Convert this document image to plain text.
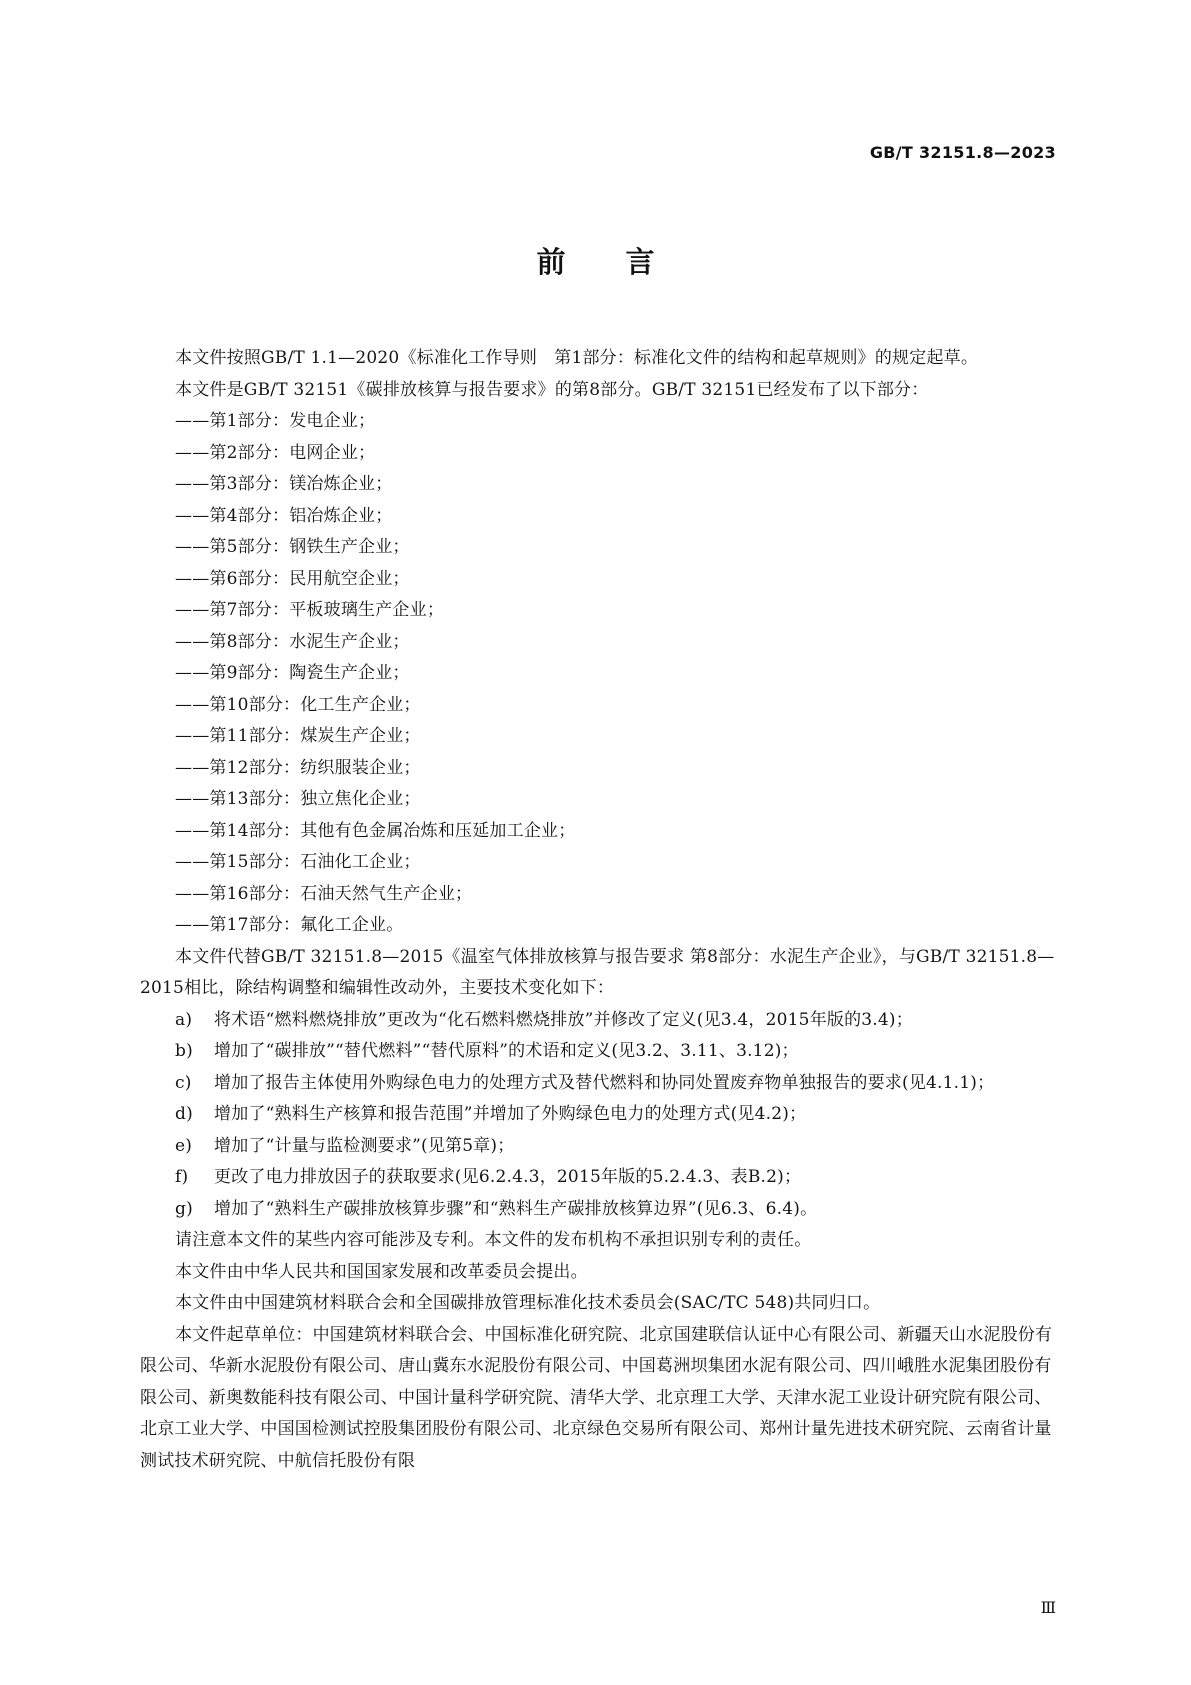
GB/T 32151.8—2023
前 言

本文件按照GB/T 1.1—2020《标准化工作导则　第1部分：标准化文件的结构和起草规则》的规定起草。

本文件是GB/T 32151《碳排放核算与报告要求》的第8部分。GB/T 32151已经发布了以下部分：

——第1部分：发电企业；

——第2部分：电网企业；

——第3部分：镁冶炼企业；

——第4部分：铝冶炼企业；

——第5部分：钢铁生产企业；

——第6部分：民用航空企业；

——第7部分：平板玻璃生产企业；

——第8部分：水泥生产企业；

——第9部分：陶瓷生产企业；

——第10部分：化工生产企业；

——第11部分：煤炭生产企业；

——第12部分：纺织服装企业；

——第13部分：独立焦化企业；

——第14部分：其他有色金属冶炼和压延加工企业；

——第15部分：石油化工企业；

——第16部分：石油天然气生产企业；

——第17部分：氟化工企业。

本文件代替GB/T 32151.8—2015《温室气体排放核算与报告要求 第8部分：水泥生产企业》，与GB/T 32151.8—2015相比，除结构调整和编辑性改动外，主要技术变化如下：

a) 将术语“燃料燃烧排放”更改为“化石燃料燃烧排放”并修改了定义(见3.4，2015年版的3.4)；

b) 增加了“碳排放”“替代燃料”“替代原料”的术语和定义(见3.2、3.11、3.12)；

c) 增加了报告主体使用外购绿色电力的处理方式及替代燃料和协同处置废弃物单独报告的要求(见4.1.1)；

d) 增加了“熟料生产核算和报告范围”并增加了外购绿色电力的处理方式(见4.2)；

e) 增加了“计量与监检测要求”(见第5章)；

f) 更改了电力排放因子的获取要求(见6.2.4.3，2015年版的5.2.4.3、表B.2)；

g) 增加了“熟料生产碳排放核算步骤”和“熟料生产碳排放核算边界”(见6.3、6.4)。

请注意本文件的某些内容可能涉及专利。本文件的发布机构不承担识别专利的责任。

本文件由中华人民共和国国家发展和改革委员会提出。

本文件由中国建筑材料联合会和全国碳排放管理标准化技术委员会(SAC/TC 548)共同归口。

本文件起草单位：中国建筑材料联合会、中国标准化研究院、北京国建联信认证中心有限公司、新疆天山水泥股份有限公司、华新水泥股份有限公司、唐山冀东水泥股份有限公司、中国葛洲坝集团水泥有限公司、四川峨胜水泥集团股份有限公司、新奥数能科技有限公司、中国计量科学研究院、清华大学、北京理工大学、天津水泥工业设计研究院有限公司、北京工业大学、中国国检测试控股集团股份有限公司、北京绿色交易所有限公司、郑州计量先进技术研究院、云南省计量测试技术研究院、中航信托股份有限

Ⅲ
